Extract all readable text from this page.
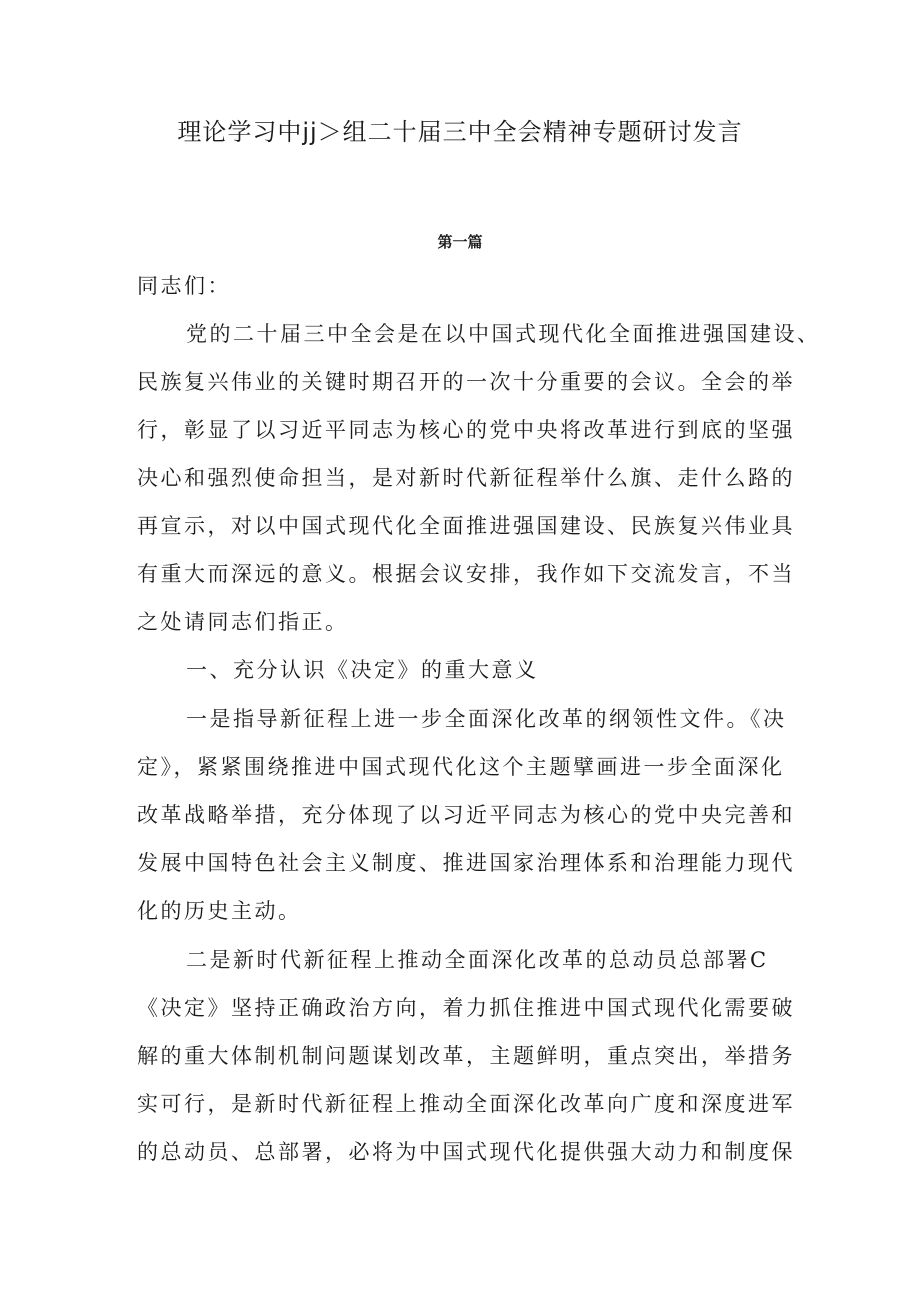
理论学习中jj＞组二十届三中全会精神专题研讨发言
第一篇
同志们：
党的二十届三中全会是在以中国式现代化全面推进强国建设、
民族复兴伟业的关键时期召开的一次十分重要的会议。全会的举
行，彰显了以习近平同志为核心的党中央将改革进行到底的坚强
决心和强烈使命担当，是对新时代新征程举什么旗、走什么路的
再宣示，对以中国式现代化全面推进强国建设、民族复兴伟业具
有重大而深远的意义。根据会议安排，我作如下交流发言，不当
之处请同志们指正。
一、充分认识《决定》的重大意义
一是指导新征程上进一步全面深化改革的纲领性文件。《决
定》，紧紧围绕推进中国式现代化这个主题擘画进一步全面深化
改革战略举措，充分体现了以习近平同志为核心的党中央完善和
发展中国特色社会主义制度、推进国家治理体系和治理能力现代
化的历史主动。
二是新时代新征程上推动全面深化改革的总动员总部署C
《决定》坚持正确政治方向，着力抓住推进中国式现代化需要破
解的重大体制机制问题谋划改革，主题鲜明，重点突出，举措务
实可行，是新时代新征程上推动全面深化改革向广度和深度进军
的总动员、总部署，必将为中国式现代化提供强大动力和制度保
